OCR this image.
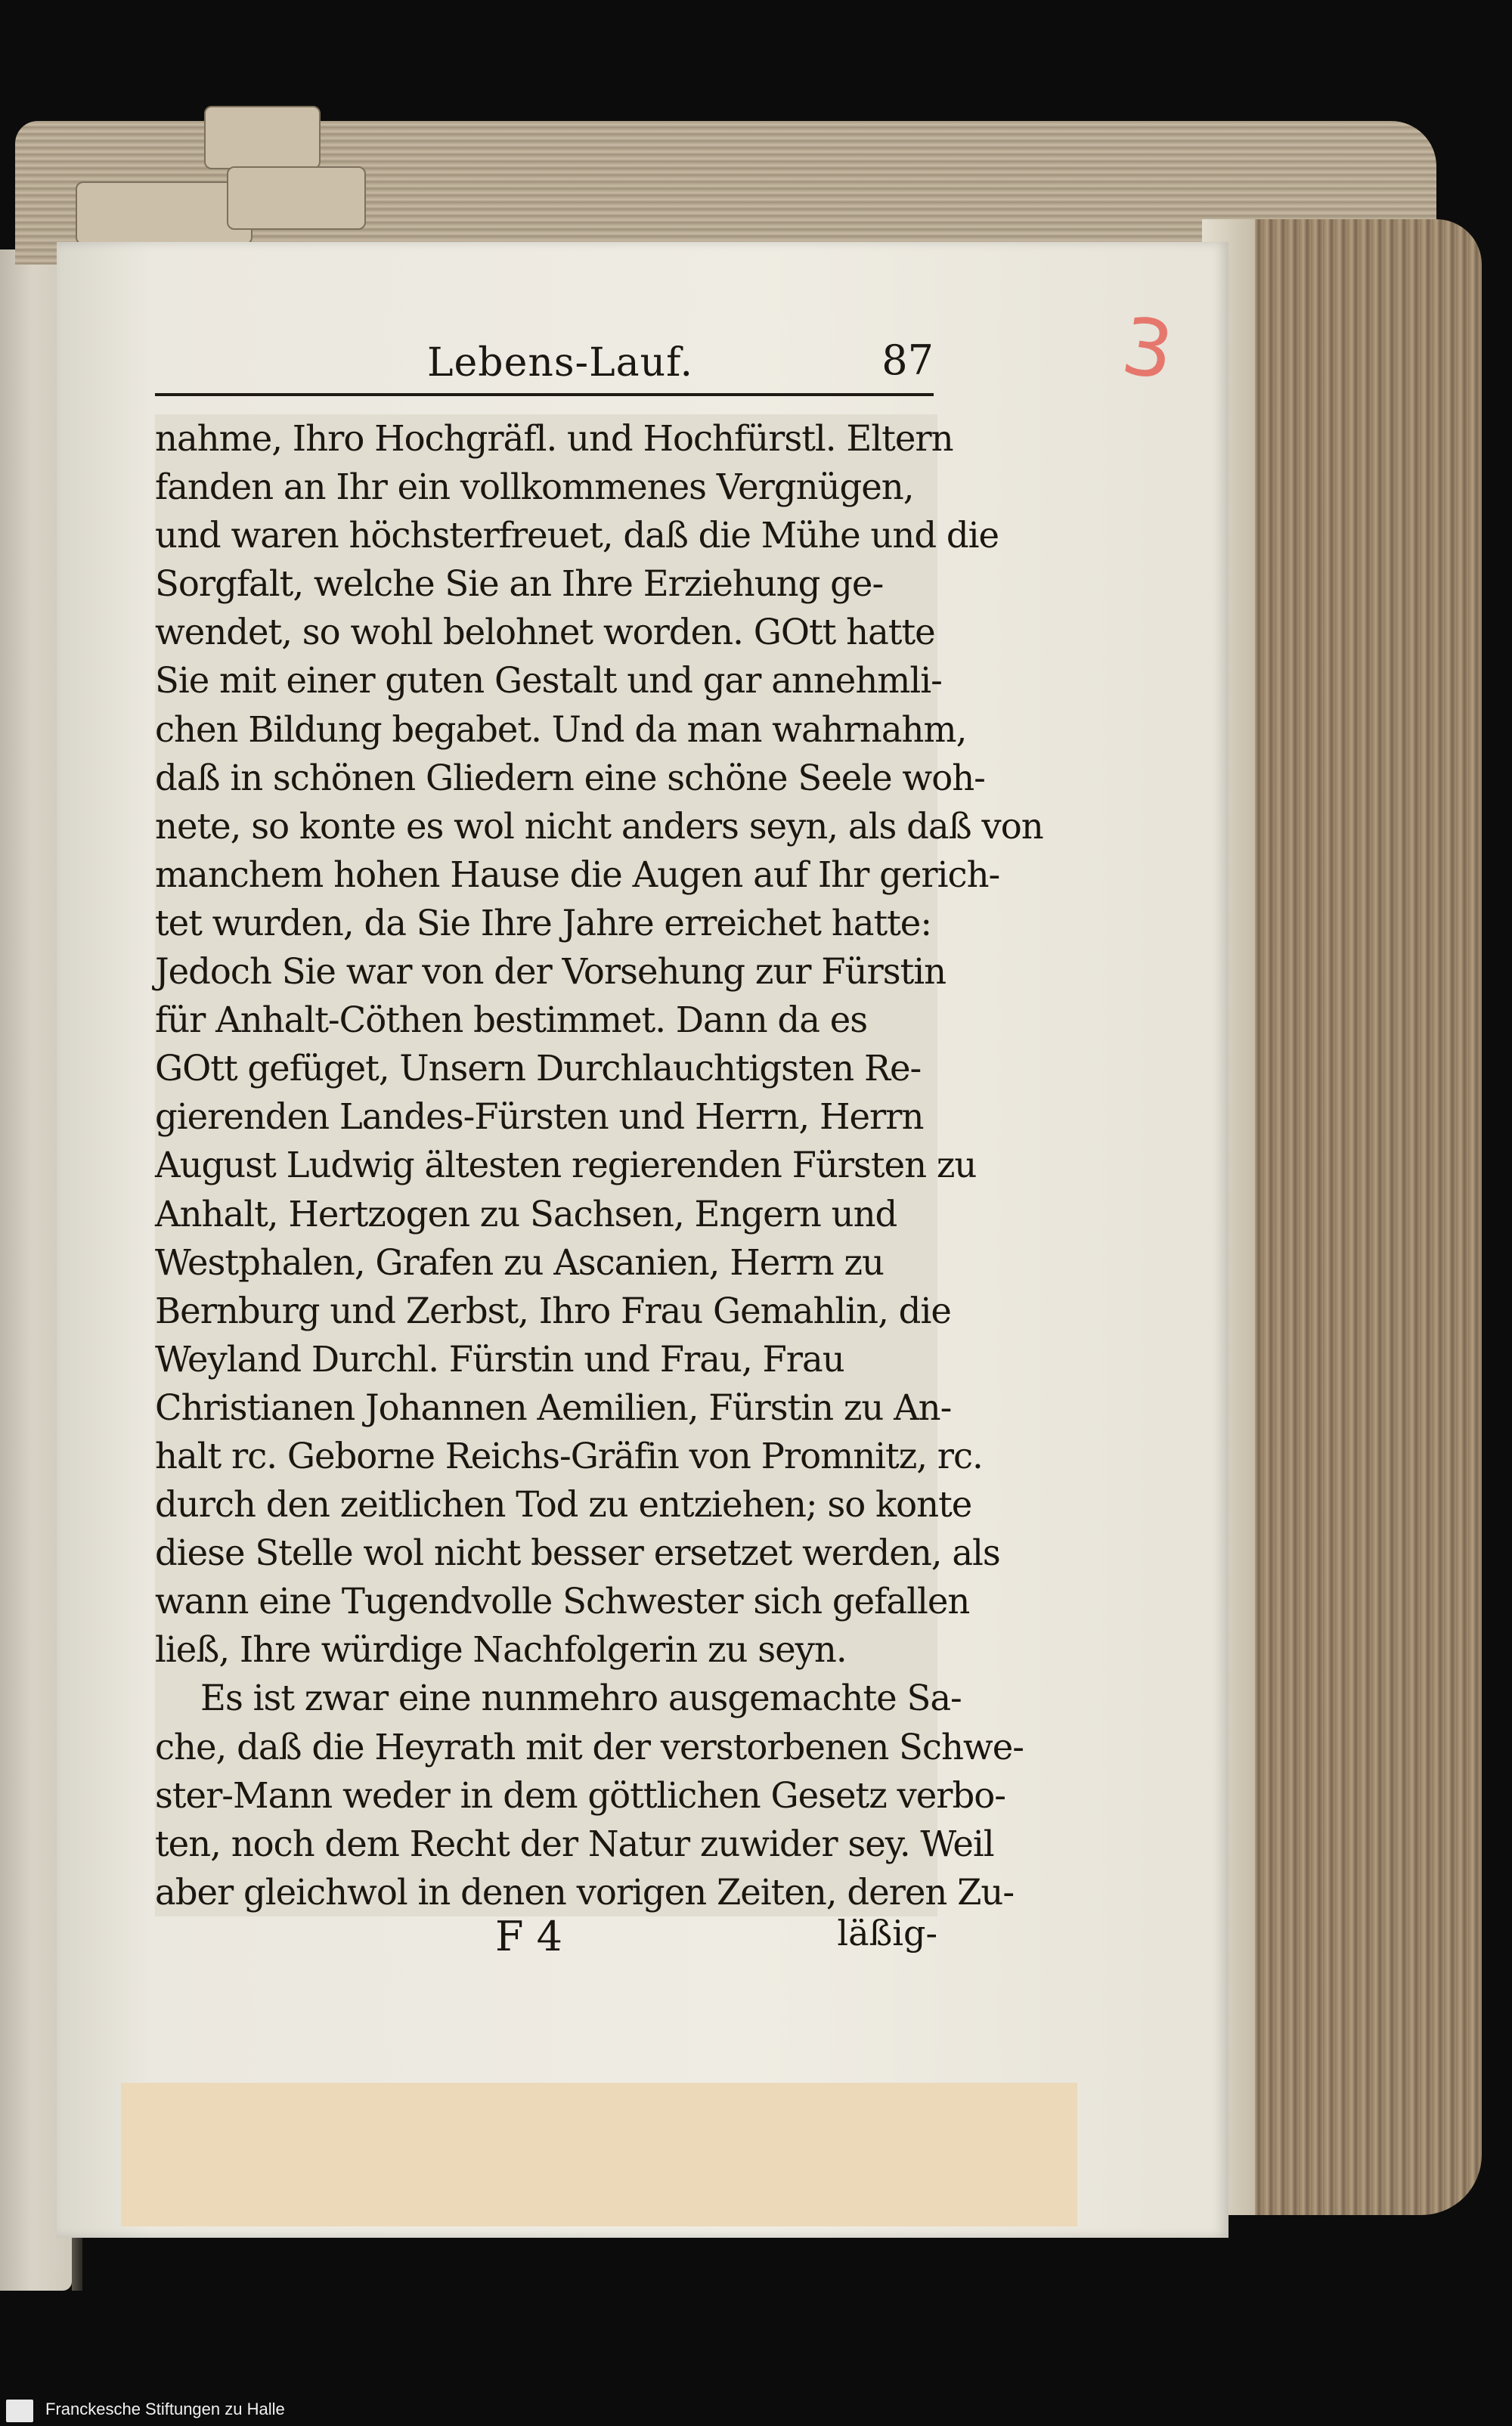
3
Lebens-Lauf.	87
nahme, Ihro Hochgräfl. und Hochfürstl. Eltern
fanden an Ihr ein vollkommenes Vergnügen,
und waren höchsterfreuet, daß die Mühe und die
Sorgfalt, welche Sie an Ihre Erziehung ge-
wendet, so wohl belohnet worden. GOtt hatte
Sie mit einer guten Gestalt und gar annehmli-
chen Bildung begabet. Und da man wahrnahm,
daß in schönen Gliedern eine schöne Seele woh-
nete, so konte es wol nicht anders seyn, als daß von
manchem hohen Hause die Augen auf Ihr gerich-
tet wurden, da Sie Ihre Jahre erreichet hatte:
Jedoch Sie war von der Vorsehung zur Fürstin
für Anhalt-Cöthen bestimmet. Dann da es
GOtt gefüget, Unsern Durchlauchtigsten Re-
gierenden Landes-Fürsten und Herrn, Herrn
August Ludwig ältesten regierenden Fürsten zu
Anhalt, Hertzogen zu Sachsen, Engern und
Westphalen, Grafen zu Ascanien, Herrn zu
Bernburg und Zerbst, Ihro Frau Gemahlin, die
Weyland Durchl. Fürstin und Frau, Frau
Christianen Johannen Aemilien, Fürstin zu An-
halt rc. Geborne Reichs-Gräfin von Promnitz, rc.
durch den zeitlichen Tod zu entziehen; so konte
diese Stelle wol nicht besser ersetzet werden, als
wann eine Tugendvolle Schwester sich gefallen
ließ, Ihre würdige Nachfolgerin zu seyn.
Es ist zwar eine nunmehro ausgemachte Sa-
che, daß die Heyrath mit der verstorbenen Schwe-
ster-Mann weder in dem göttlichen Gesetz verbo-
ten, noch dem Recht der Natur zuwider sey. Weil
aber gleichwol in denen vorigen Zeiten, deren Zu-
F 4	läßig-
Franckesche Stiftungen zu Halle
